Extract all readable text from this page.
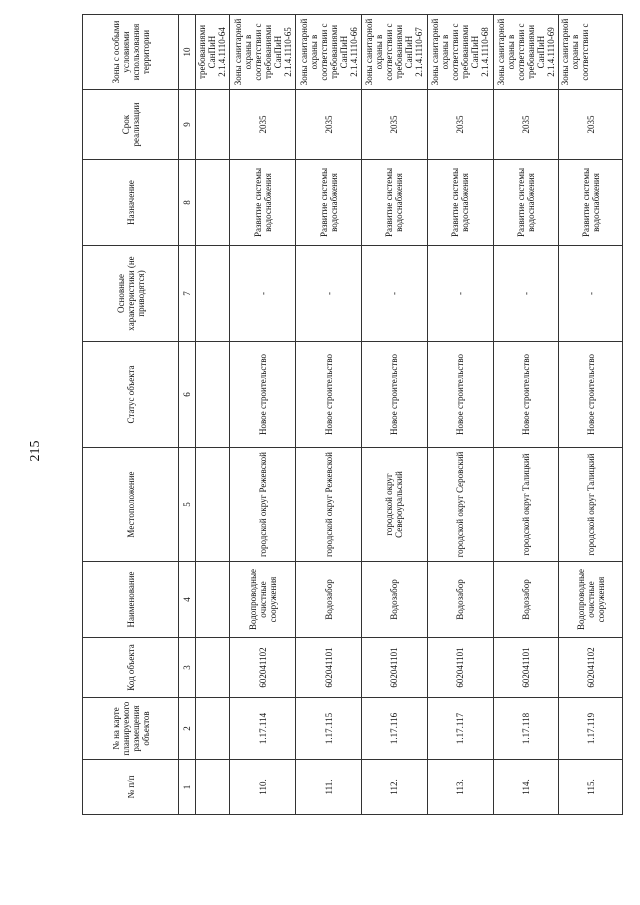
215
№ п/п	№ на карте планируемого размещения объектов	Код объекта	Наименование	Местоположение	Статус объекта	Основные характеристики (не приводятся)	Назначение	Срок реализации	Зоны с особыми условиями использования территории
1	2	3	4	5	6	7	8	9	10
									требованиями СанПиН 2.1.4.1110-64
110.	1.17.114	602041102	Водопроводные очистные сооружения	городской округ Режевской	Новое строительство	-	Развитие системы водоснабжения	2035	Зоны санитарной охраны в соответствии с требованиями СанПиН 2.1.4.1110-65
111.	1.17.115	602041101	Водозабор	городской округ Режевской	Новое строительство	-	Развитие системы водоснабжения	2035	Зоны санитарной охраны в соответствии с требованиями СанПиН 2.1.4.1110-66
112.	1.17.116	602041101	Водозабор	городской округ Североуральский	Новое строительство	-	Развитие системы водоснабжения	2035	Зоны санитарной охраны в соответствии с требованиями СанПиН 2.1.4.1110-67
113.	1.17.117	602041101	Водозабор	городской округ Серовский	Новое строительство	-	Развитие системы водоснабжения	2035	Зоны санитарной охраны в соответствии с требованиями СанПиН 2.1.4.1110-68
114.	1.17.118	602041101	Водозабор	городской округ Талицкий	Новое строительство	-	Развитие системы водоснабжения	2035	Зоны санитарной охраны в соответствии с требованиями СанПиН 2.1.4.1110-69
115.	1.17.119	602041102	Водопроводные очистные сооружения	городской округ Талицкий	Новое строительство	-	Развитие системы водоснабжения	2035	Зоны санитарной охраны в соответствии с
